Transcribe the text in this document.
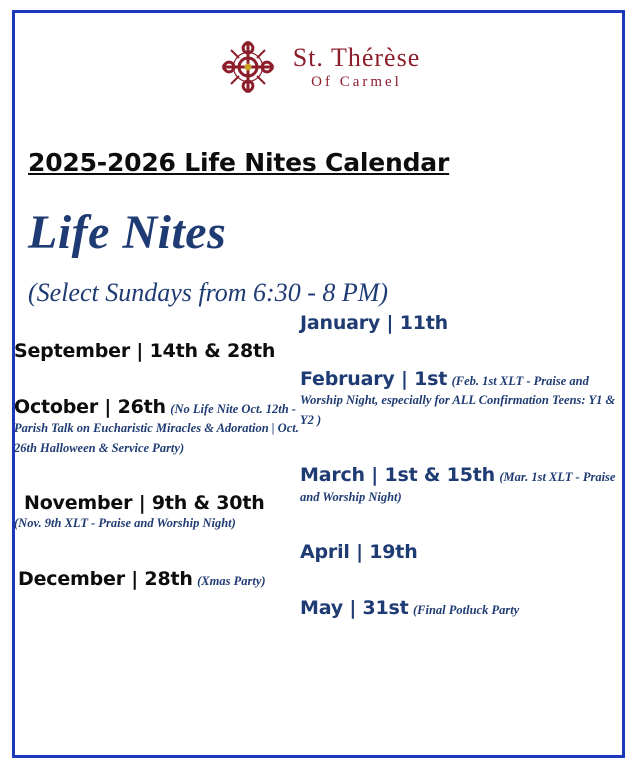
St. Thérèse
Of Carmel
2025-2026 Life Nites Calendar
Life Nites
(Select Sundays from 6:30 - 8 PM)
September | 14th & 28th
October | 26th (No Life Nite Oct. 12th - Parish Talk on Eucharistic Miracles & Adoration | Oct. 26th Halloween & Service Party)
November | 9th & 30th
(Nov. 9th XLT - Praise and Worship Night)
December | 28th (Xmas Party)
January | 11th
February | 1st (Feb. 1st XLT - Praise and Worship Night, especially for ALL Confirmation Teens: Y1 & Y2 )
March | 1st & 15th (Mar. 1st XLT - Praise and Worship Night)
April | 19th
May | 31st (Final Potluck Party
